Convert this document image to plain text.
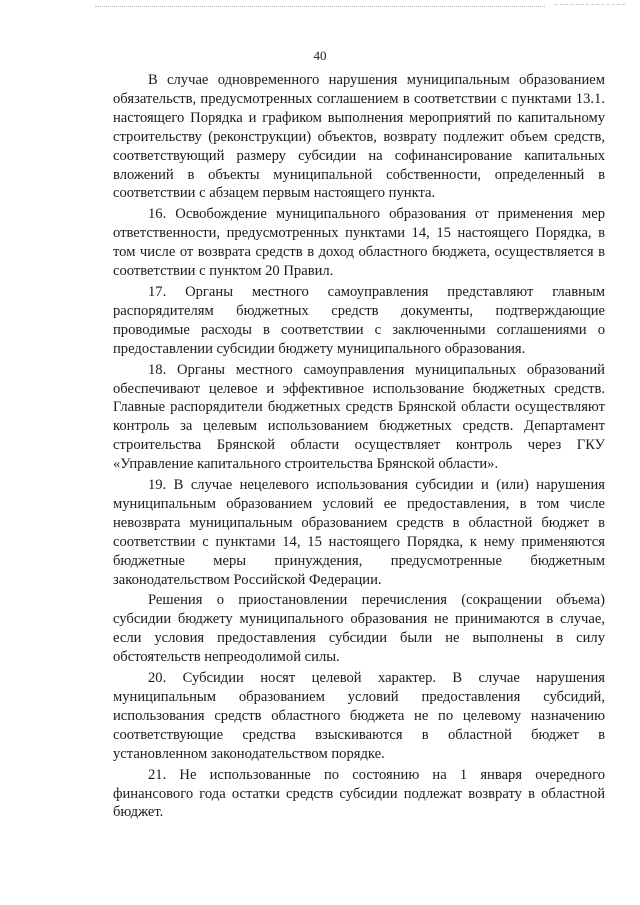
40

В случае одновременного нарушения муниципальным образованием обязательств, предусмотренных соглашением в соответствии с пунктами 13.1. настоящего Порядка и графиком выполнения мероприятий по капитальному строительству (реконструкции) объектов, возврату подлежит объем средств, соответствующий размеру субсидии на софинансирование капитальных вложений в объекты муниципальной собственности, определенный в соответствии с абзацем первым настоящего пункта.

16. Освобождение муниципального образования от применения мер ответственности, предусмотренных пунктами 14, 15 настоящего Порядка, в том числе от возврата средств в доход областного бюджета, осуществляется в соответствии с пунктом 20 Правил.

17. Органы местного самоуправления представляют главным распорядителям бюджетных средств документы, подтверждающие проводимые расходы в соответствии с заключенными соглашениями о предоставлении субсидии бюджету муниципального образования.

18. Органы местного самоуправления муниципальных образований обеспечивают целевое и эффективное использование бюджетных средств. Главные распорядители бюджетных средств Брянской области осуществляют контроль за целевым использованием бюджетных средств. Департамент строительства Брянской области осуществляет контроль через ГКУ «Управление капитального строительства Брянской области».

19. В случае нецелевого использования субсидии и (или) нарушения муниципальным образованием условий ее предоставления, в том числе невозврата муниципальным образованием средств в областной бюджет в соответствии с пунктами 14, 15 настоящего Порядка, к нему применяются бюджетные меры принуждения, предусмотренные бюджетным законодательством Российской Федерации.

Решения о приостановлении перечисления (сокращении объема) субсидии бюджету муниципального образования не принимаются в случае, если условия предоставления субсидии были не выполнены в силу обстоятельств непреодолимой силы.

20. Субсидии носят целевой характер. В случае нарушения муниципальным образованием условий предоставления субсидий, использования средств областного бюджета не по целевому назначению соответствующие средства взыскиваются в областной бюджет в установленном законодательством порядке.

21. Не использованные по состоянию на 1 января очередного финансового года остатки средств субсидии подлежат возврату в областной бюджет.
